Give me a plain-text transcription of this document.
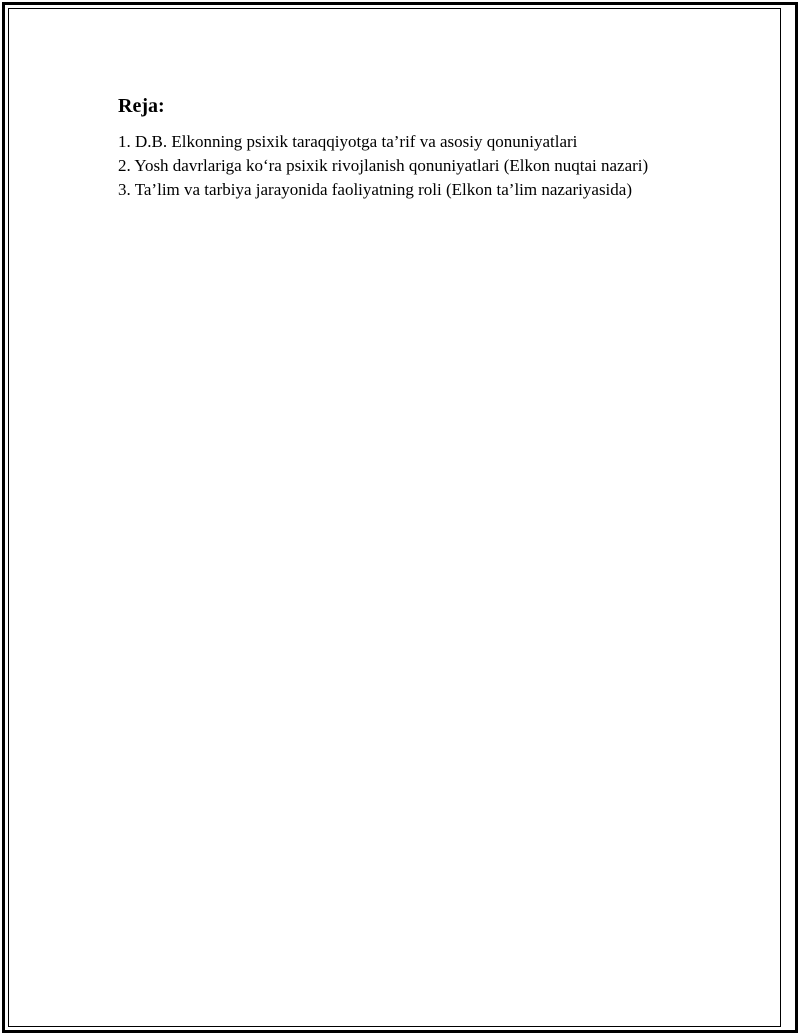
Reja:
1. D.B. Elkonning psixik taraqqiyotga ta’rif va asosiy qonuniyatlari
2. Yosh davrlariga ko‘ra psixik rivojlanish qonuniyatlari (Elkon nuqtai nazari)
3. Ta’lim va tarbiya jarayonida faoliyatning roli (Elkon ta’lim nazariyasida)
